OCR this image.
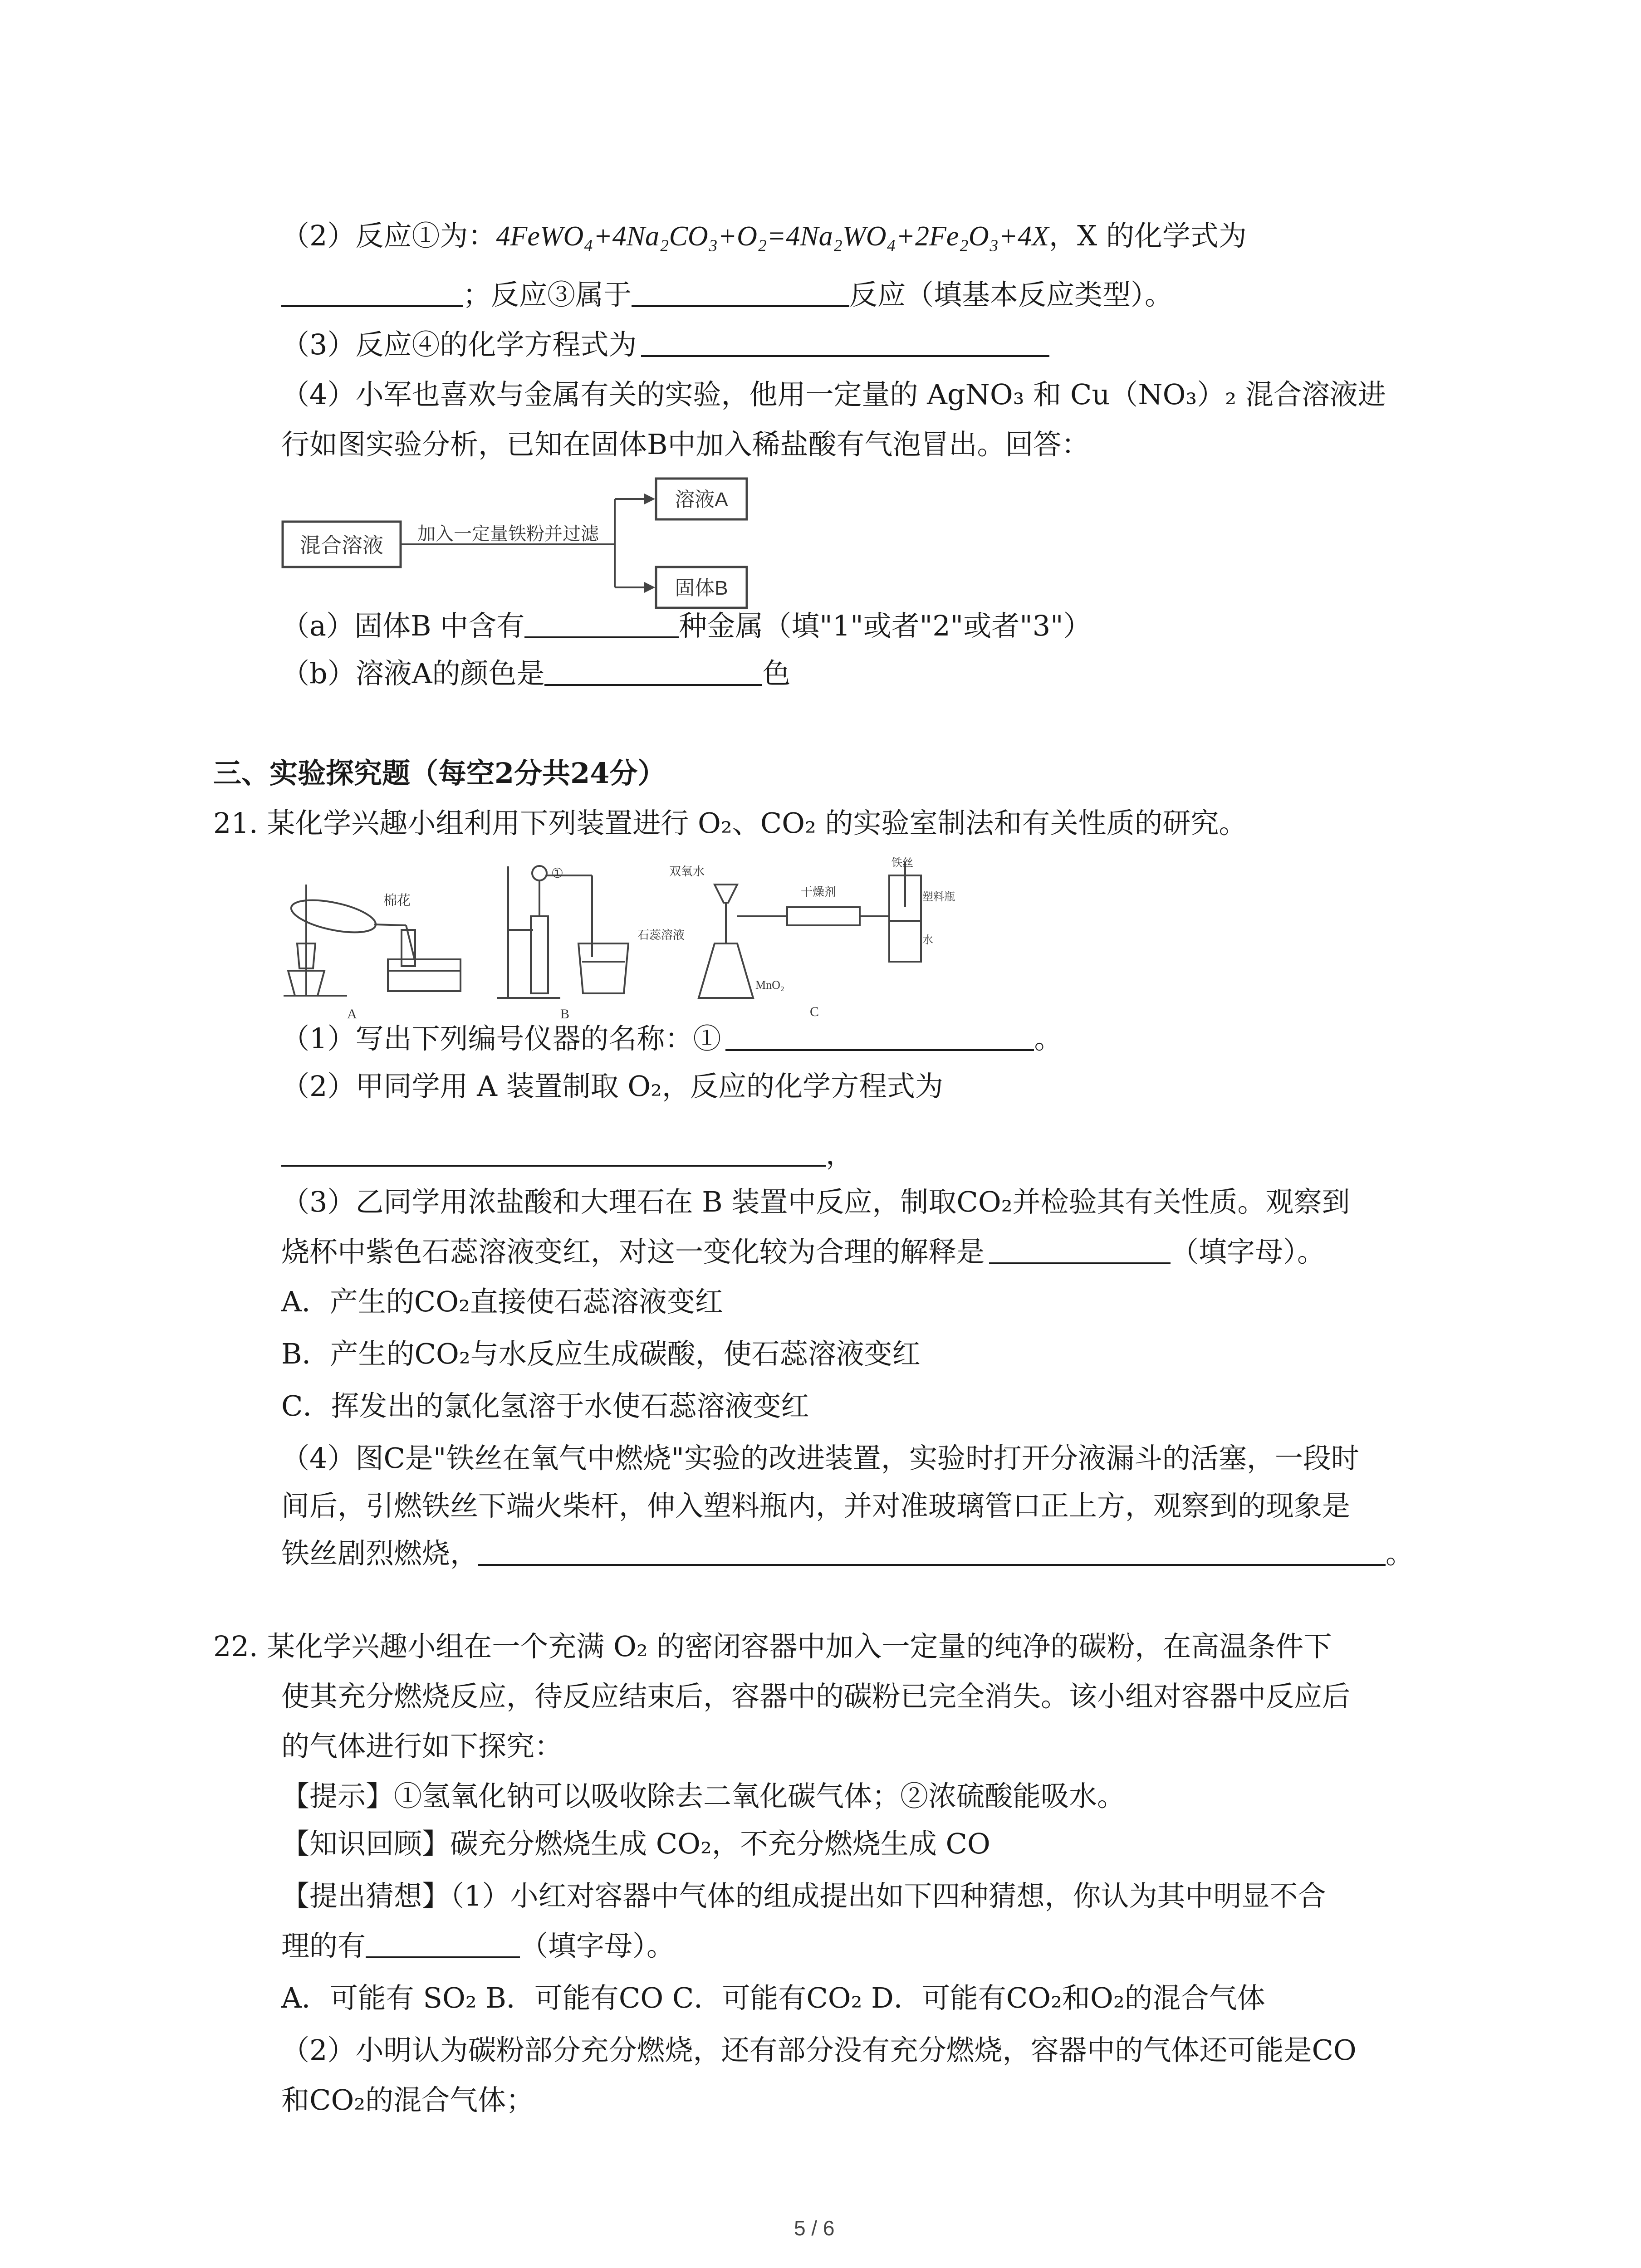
（2）反应①为：4FeWO₄+4Na₂CO₃+O₂=4Na₂WO₄+2Fe₂O₃+4X，X 的化学式为
；反应③属于	反应（填基本反应类型）。
（3）反应④的化学方程式为
（4）小军也喜欢与金属有关的实验，他用一定量的 AgNO₃ 和 Cu（NO₃）₂ 混合溶液进
行如图实验分析，已知在固体B中加入稀盐酸有气泡冒出。回答：
混合溶液 加入一定量铁粉并过滤
溶液A
固体B
（a）固体B 中含有	种金属（填"1"或者"2"或者"3"）
（b）溶液A的颜色是	色
三、实验探究题（每空2分共24分）
21. 某化学兴趣小组利用下列装置进行 O₂、CO₂ 的实验室制法和有关性质的研究。
棉花
A
①
石蕊溶液
B
双氧水
干燥剂
铁丝
塑料瓶
水
MnO₂
C
（1）写出下列编号仪器的名称：①	。
（2）甲同学用 A 装置制取 O₂，反应的化学方程式为
，
（3）乙同学用浓盐酸和大理石在 B 装置中反应，制取CO₂并检验其有关性质。观察到
烧杯中紫色石蕊溶液变红，对这一变化较为合理的解释是	（填字母）。
A．产生的CO₂直接使石蕊溶液变红
B．产生的CO₂与水反应生成碳酸，使石蕊溶液变红
C．挥发出的氯化氢溶于水使石蕊溶液变红
（4）图C是"铁丝在氧气中燃烧"实验的改进装置，实验时打开分液漏斗的活塞，一段时
间后，引燃铁丝下端火柴杆，伸入塑料瓶内，并对准玻璃管口正上方，观察到的现象是
铁丝剧烈燃烧，	。
22. 某化学兴趣小组在一个充满 O₂ 的密闭容器中加入一定量的纯净的碳粉，在高温条件下
使其充分燃烧反应，待反应结束后，容器中的碳粉已完全消失。该小组对容器中反应后
的气体进行如下探究：
【提示】①氢氧化钠可以吸收除去二氧化碳气体；②浓硫酸能吸水。
【知识回顾】碳充分燃烧生成 CO₂，不充分燃烧生成 CO
【提出猜想】（1）小红对容器中气体的组成提出如下四种猜想，你认为其中明显不合
理的有	（填字母）。
A．可能有 SO₂ B．可能有CO C．可能有CO₂ D．可能有CO₂和O₂的混合气体
（2）小明认为碳粉部分充分燃烧，还有部分没有充分燃烧，容器中的气体还可能是CO
和CO₂的混合气体；
5 / 6
